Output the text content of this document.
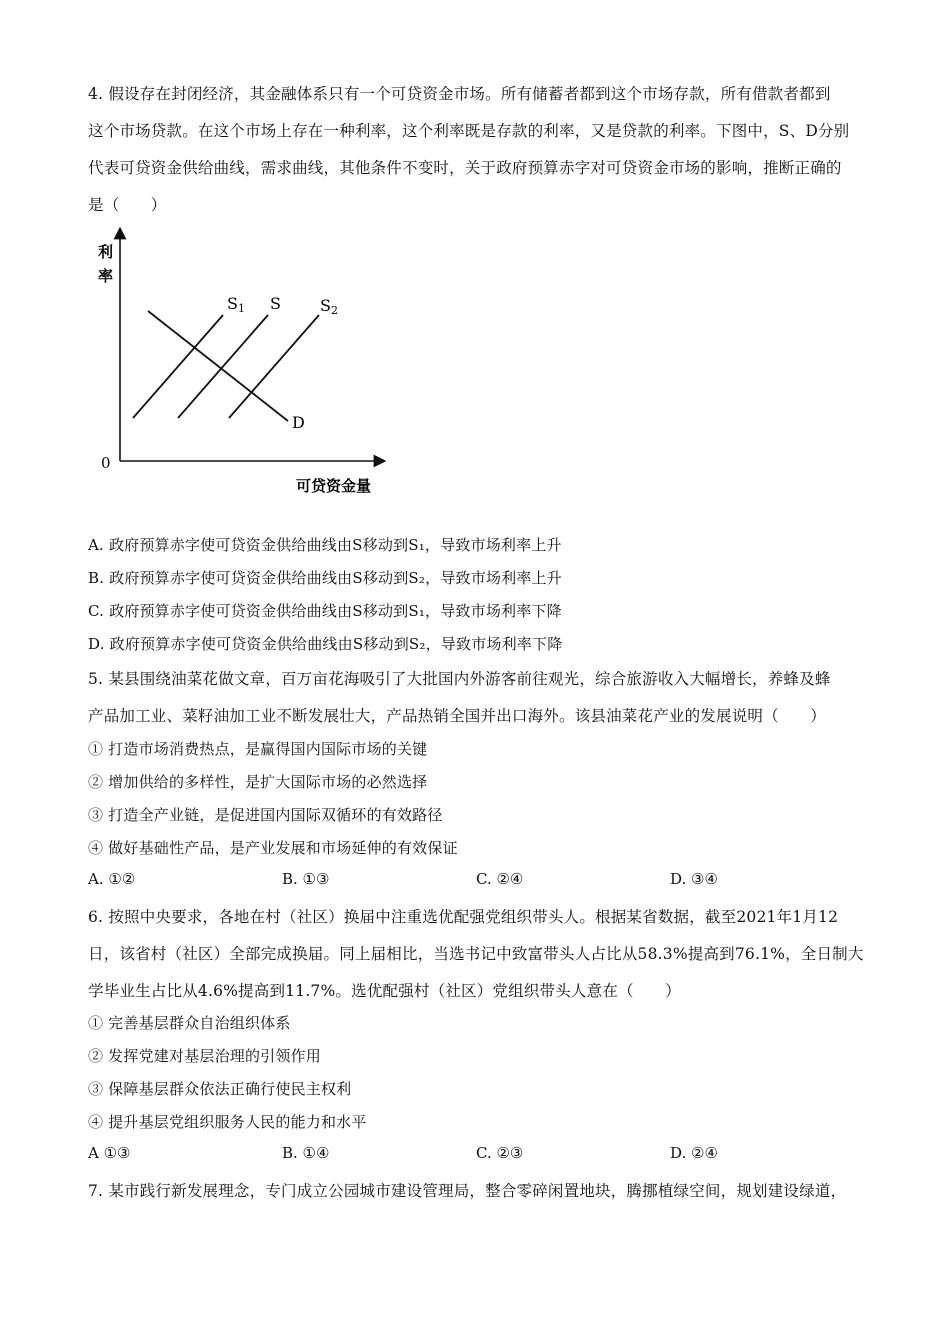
4. 假设存在封闭经济，其金融体系只有一个可贷资金市场。所有储蓄者都到这个市场存款，所有借款者都到
这个市场贷款。在这个市场上存在一种利率，这个利率既是存款的利率，又是贷款的利率。下图中，S、D分别
代表可贷资金供给曲线，需求曲线，其他条件不变时，关于政府预算赤字对可贷资金市场的影响，推断正确的
是（　　）
利
率
0
可贷资金量
S1 S S2
D
A. 政府预算赤字使可贷资金供给曲线由S移动到S₁，导致市场利率上升
B. 政府预算赤字使可贷资金供给曲线由S移动到S₂，导致市场利率上升
C. 政府预算赤字使可贷资金供给曲线由S移动到S₁，导致市场利率下降
D. 政府预算赤字使可贷资金供给曲线由S移动到S₂，导致市场利率下降
5. 某县围绕油菜花做文章，百万亩花海吸引了大批国内外游客前往观光，综合旅游收入大幅增长，养蜂及蜂
产品加工业、菜籽油加工业不断发展壮大，产品热销全国并出口海外。该县油菜花产业的发展说明（　　）
① 打造市场消费热点，是赢得国内国际市场的关键
② 增加供给的多样性，是扩大国际市场的必然选择
③ 打造全产业链，是促进国内国际双循环的有效路径
④ 做好基础性产品，是产业发展和市场延伸的有效保证
A. ①②	B. ①③	C. ②④	D. ③④
6. 按照中央要求，各地在村（社区）换届中注重选优配强党组织带头人。根据某省数据，截至2021年1月12
日，该省村（社区）全部完成换届。同上届相比，当选书记中致富带头人占比从58.3%提高到76.1%，全日制大
学毕业生占比从4.6%提高到11.7%。选优配强村（社区）党组织带头人意在（　　）
① 完善基层群众自治组织体系
② 发挥党建对基层治理的引领作用
③ 保障基层群众依法正确行使民主权利
④ 提升基层党组织服务人民的能力和水平
A ①③	B. ①④	C. ②③	D. ②④
7. 某市践行新发展理念，专门成立公园城市建设管理局，整合零碎闲置地块，腾挪植绿空间，规划建设绿道，
